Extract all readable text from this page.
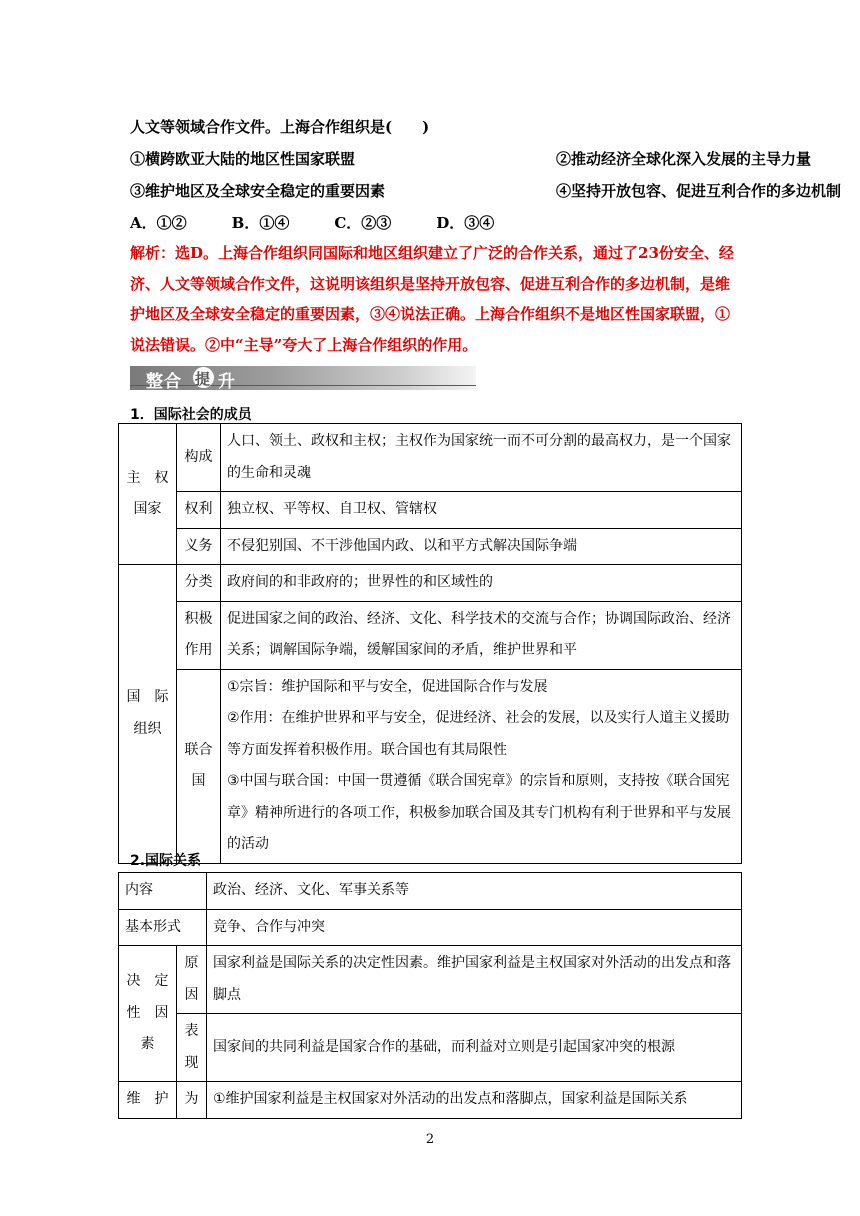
人文等领域合作文件。上海合作组织是(　　)
①横跨欧亚大陆的地区性国家联盟	②推动经济全球化深入发展的主导力量
③维护地区及全球安全稳定的重要因素	④坚持开放包容、促进互利合作的多边机制
A．①②　　　B．①④　　　C．②③　　　D．③④
解析：选D。上海合作组织同国际和地区组织建立了广泛的合作关系，通过了23份安全、经济、人文等领域合作文件，这说明该组织是坚持开放包容、促进互利合作的多边机制，是维护地区及全球安全稳定的重要因素，③④说法正确。上海合作组织不是地区性国家联盟，①说法错误。②中“主导”夸大了上海合作组织的作用。
整合 提 升
1．国际社会的成员
主　权
国家	构成	人口、领土、政权和主权；主权作为国家统一而不可分割的最高权力，是一个国家的生命和灵魂
	权利	独立权、平等权、自卫权、管辖权
	义务	不侵犯别国、不干涉他国内政、以和平方式解决国际争端

国　际
组织	分类	政府间的和非政府的；世界性的和区域性的
	积极作用	促进国家之间的政治、经济、文化、科学技术的交流与合作；协调国际政治、经济关系；调解国际争端，缓解国家间的矛盾，维护世界和平
	联合国	①宗旨：维护国际和平与安全，促进国际合作与发展
②作用：在维护世界和平与安全，促进经济、社会的发展，以及实行人道主义援助等方面发挥着积极作用。联合国也有其局限性
③中国与联合国：中国一贯遵循《联合国宪章》的宗旨和原则，支持按《联合国宪章》精神所进行的各项工作，积极参加联合国及其专门机构有利于世界和平与发展的活动
2.国际关系
内容		政治、经济、文化、军事关系等
基本形式		竞争、合作与冲突
决　定性　因素	原因	国家利益是国际关系的决定性因素。维护国家利益是主权国家对外活动的出发点和落脚点
	表现	国家间的共同利益是国家合作的基础，而利益对立则是引起国家冲突的根源
维　护	为	①维护国家利益是主权国家对外活动的出发点和落脚点，国家利益是国际关系
2
